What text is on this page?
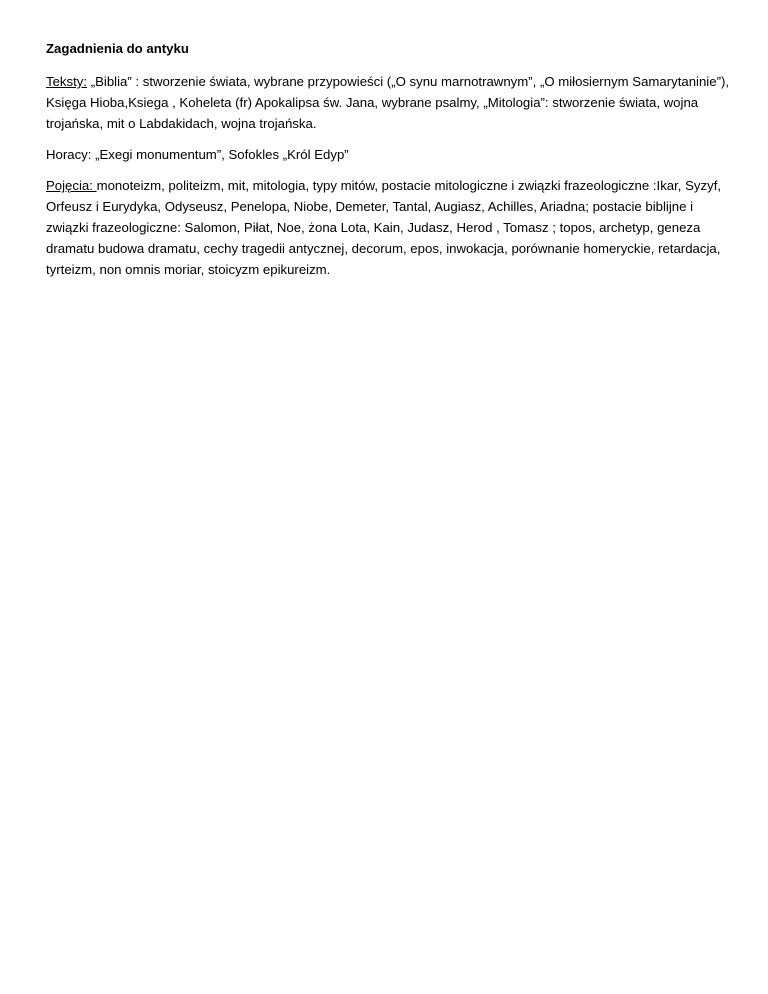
Zagadnienia do antyku
Teksty: „Biblia” : stworzenie świata, wybrane przypowieści („O synu marnotrawnym”, „O miłosiernym Samarytaninie”), Księga Hioba,Ksiega , Koheleta (fr) Apokalipsa św. Jana, wybrane psalmy, „Mitologia”: stworzenie świata, wojna trojańska, mit o Labdakidach, wojna trojańska.
Horacy: „Exegi monumentum”, Sofokles „Król Edyp”
Pojęcia: monoteizm, politeizm, mit, mitologia, typy mitów, postacie mitologiczne i związki frazeologiczne :Ikar, Syzyf, Orfeusz i Eurydyka, Odyseusz, Penelopa, Niobe, Demeter, Tantal, Augiasz, Achilles, Ariadna; postacie biblijne i związki frazeologiczne: Salomon, Piłat, Noe, żona Lota, Kain, Judasz, Herod , Tomasz ; topos, archetyp, geneza dramatu budowa dramatu, cechy tragedii antycznej, decorum, epos, inwokacja, porównanie homeryckie, retardacja, tyrteizm, non omnis moriar, stoicyzm epikureizm.
